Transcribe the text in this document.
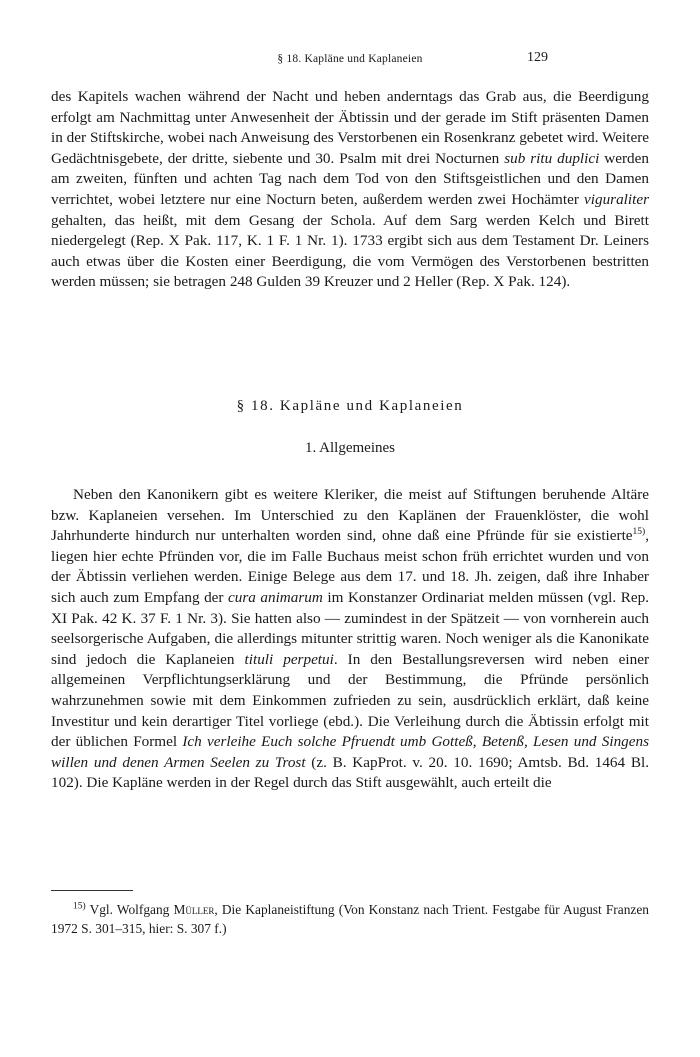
§ 18. Kapläne und Kaplaneien	129

des Kapitels wachen während der Nacht und heben anderntags das Grab aus, die Beerdigung erfolgt am Nachmittag unter Anwesenheit der Äbtissin und der gerade im Stift präsenten Damen in der Stiftskirche, wobei nach Anweisung des Verstorbenen ein Rosenkranz gebetet wird. Weitere Gedächtnisgebete, der dritte, siebente und 30. Psalm mit drei Nocturnen sub ritu duplici werden am zweiten, fünften und achten Tag nach dem Tod von den Stiftsgeistlichen und den Damen verrichtet, wobei letztere nur eine Nocturn beten, außerdem werden zwei Hochämter viguraliter gehalten, das heißt, mit dem Gesang der Schola. Auf dem Sarg werden Kelch und Birett niedergelegt (Rep. X Pak. 117, K. 1 F. 1 Nr. 1). 1733 ergibt sich aus dem Testament Dr. Leiners auch etwas über die Kosten einer Beerdigung, die vom Vermögen des Verstorbenen bestritten werden müssen; sie betragen 248 Gulden 39 Kreuzer und 2 Heller (Rep. X Pak. 124).

§ 18. Kapläne und Kaplaneien
1. Allgemeines

Neben den Kanonikern gibt es weitere Kleriker, die meist auf Stiftungen beruhende Altäre bzw. Kaplaneien versehen. Im Unterschied zu den Kaplänen der Frauenklöster, die wohl Jahrhunderte hindurch nur unterhalten worden sind, ohne daß eine Pfründe für sie existierte$^{15)}$, liegen hier echte Pfründen vor, die im Falle Buchaus meist schon früh errichtet wurden und von der Äbtissin verliehen werden. Einige Belege aus dem 17. und 18. Jh. zeigen, daß ihre Inhaber sich auch zum Empfang der cura animarum im Konstanzer Ordinariat melden müssen (vgl. Rep. XI Pak. 42 K. 37 F. 1 Nr. 3). Sie hatten also — zumindest in der Spätzeit — von vornherein auch seelsorgerische Aufgaben, die allerdings mitunter strittig waren. Noch weniger als die Kanonikate sind jedoch die Kaplaneien tituli perpetui. In den Bestallungsreversen wird neben einer allgemeinen Verpflichtungserklärung und der Bestimmung, die Pfründe persönlich wahrzunehmen sowie mit dem Einkommen zufrieden zu sein, ausdrücklich erklärt, daß keine Investitur und kein derartiger Titel vorliege (ebd.). Die Verleihung durch die Äbtissin erfolgt mit der üblichen Formel Ich verleihe Euch solche Pfruendt umb Gotteß, Betenß, Lesen und Singens willen und denen Armen Seelen zu Trost (z. B. KapProt. v. 20. 10. 1690; Amtsb. Bd. 1464 Bl. 102). Die Kapläne werden in der Regel durch das Stift ausgewählt, auch erteilt die

$^{15)}$ Vgl. Wolfgang Müller, Die Kaplaneistiftung (Von Konstanz nach Trient. Festgabe für August Franzen 1972 S. 301–315, hier: S. 307 f.)
